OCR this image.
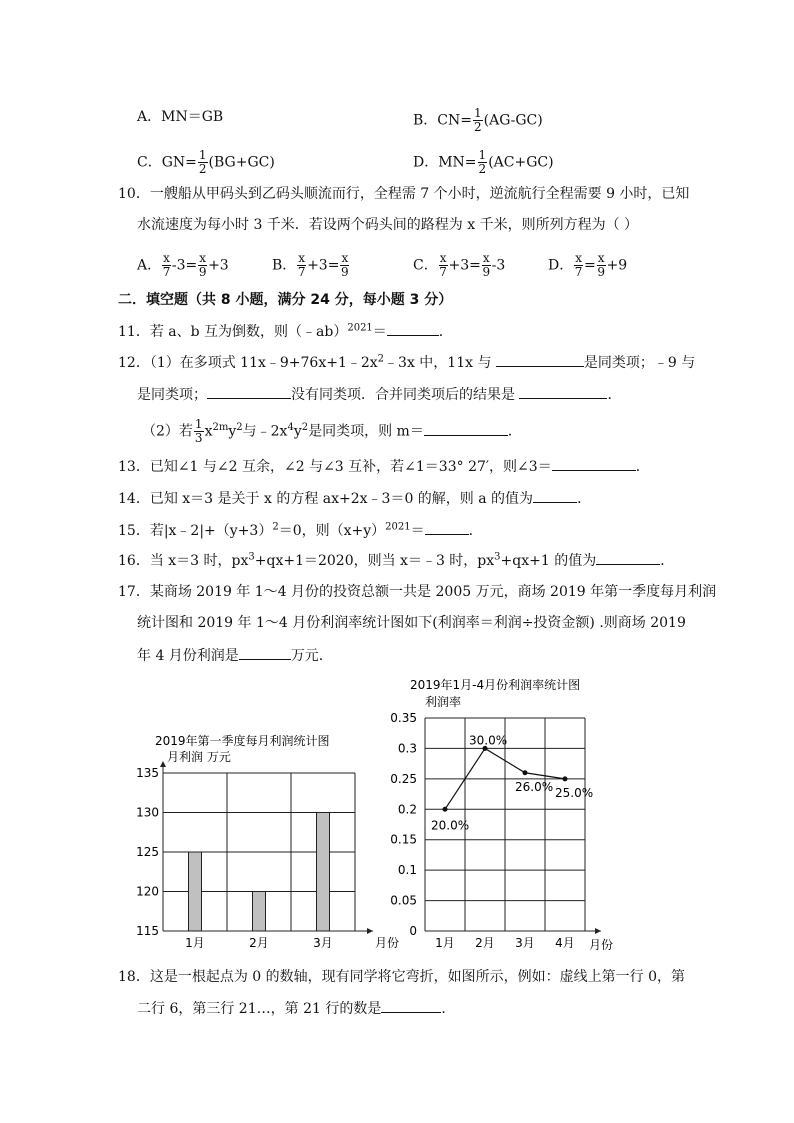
A．MN＝GB	B．$CN= \frac{1}{2} (AG-GC)$
C．$GN= \frac{1}{2} (BG+GC)$	D．$MN= \frac{1}{2} (AC+GC)$
10．一艘船从甲码头到乙码头顺流而行，全程需 7 个小时，逆流航行全程需要 9 小时，已知
水流速度为每小时 3 千米．若设两个码头间的路程为 x 千米，则所列方程为（ ）
A． $\frac{x}{7} -3= \frac{x}{9} +3$	B． $\frac{x}{7} +3= \frac{x}{9}$	C． $\frac{x}{7} +3= \frac{x}{9} -3$	D． $\frac{x}{7} = \frac{x}{9} +9$
二．填空题（共 8 小题，满分 24 分，每小题 3 分）
11．若 a、b 互为倒数，则（﹣ab）$^{2021}$＝	．
12．（1）在多项式 $11x﹣9+76x+1﹣2x^2﹣3x$ 中，11x 与	是同类项；﹣9 与
是同类项；	没有同类项．合并同类项后的结果是	．
（2）若 $\frac{1}{3} x^{2m}y^2$与$﹣2x^4y^2$是同类项，则 m＝	．
13．已知∠1 与∠2 互余，∠2 与∠3 互补，若∠1＝33° 27′，则∠3＝	．
14．已知 x＝3 是关于 x 的方程 ax+2x﹣3＝0 的解，则 a 的值为	．
15．若$|x﹣2|+(y+3)^2=0$，则$(x+y)^{2021}=$	．
16．当 x＝3 时，$px^3+qx+1=2020$，则当 x＝﹣3 时，$px^3+qx+1$ 的值为	．
17．某商场 2019 年 1～4 月份的投资总额一共是 2005 万元，商场 2019 年第一季度每月利润
统计图和 2019 年 1～4 月份利润率统计图如下(利润率＝利润÷投资金额) .则商场 2019
年 4 月份利润是	万元．
2019年第一季度每月利润统计图
月利润 万元
135
130
125
120
115
月份
1月	2月	3月
2019年1月-4月份利润率统计图
利润率
0.35
0.3
0.25
0.2
0.15
0.1
0.05
0
月份
20.0%
1月
30.0%
2月
26.0%
3月
25.0%
4月
18．这是一根起点为 0 的数轴，现有同学将它弯折，如图所示，例如：虚线上第一行 0，第
二行 6，第三行 21…，第 21 行的数是	．
